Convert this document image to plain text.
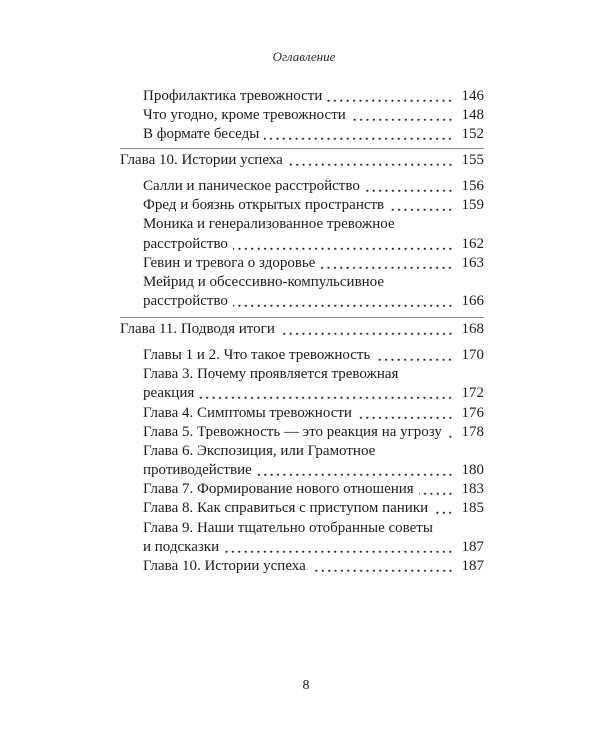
Оглавление
Профилактика тревожности	146
Что угодно, кроме тревожности	148
В формате беседы	152
Глава 10. Истории успеха	155
Салли и паническое расстройство	156
Фред и боязнь открытых пространств	159
Моника и генерализованное тревожное
расстройство	162
Гевин и тревога о здоровье	163
Мейрид и обсессивно-компульсивное
расстройство	166
Глава 11. Подводя итоги	168
Главы 1 и 2. Что такое тревожность	170
Глава 3. Почему проявляется тревожная
реакция	172
Глава 4. Симптомы тревожности	176
Глава 5. Тревожность — это реакция на угрозу 178
Глава 6. Экспозиция, или Грамотное
противодействие	180
Глава 7. Формирование нового отношения	183
Глава 8. Как справиться с приступом паники 185
Глава 9. Наши тщательно отобранные советы
и подсказки	187
Глава 10. Истории успеха	187
8
